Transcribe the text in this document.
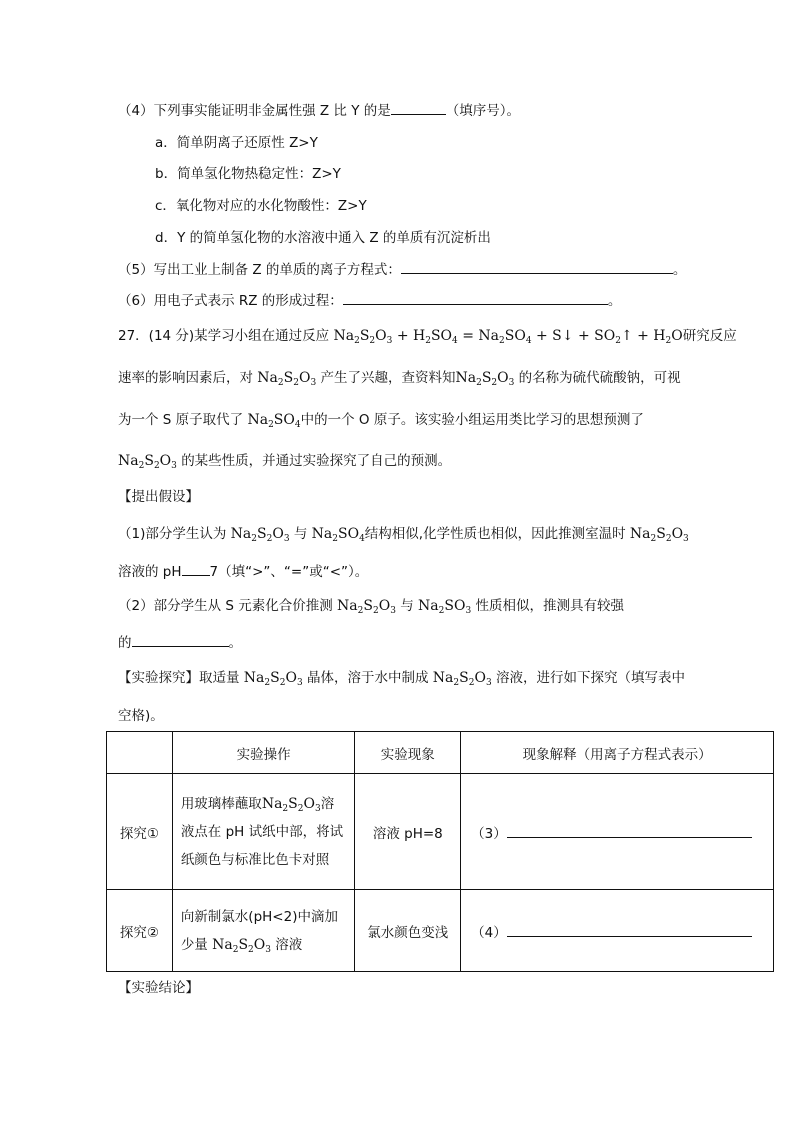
（4）下列事实能证明非金属性强 Z 比 Y 的是	（填序号）。
a．简单阴离子还原性 Z>Y
b．简单氢化物热稳定性：Z>Y
c．氧化物对应的水化物酸性：Z>Y
d．Y 的简单氢化物的水溶液中通入 Z 的单质有沉淀析出
（5）写出工业上制备 Z 的单质的离子方程式：	。
（6）用电子式表示 RZ 的形成过程：	。
27．(14 分)某学习小组在通过反应 $Na_2S_2O_3 + H_2SO_4 = Na_2SO_4$ + S↓ + $SO_2↑ + H_2O$研究反应
速率的影响因素后，对 $Na_2S_2O_3$ 产生了兴趣，查资料知$Na_2S_2O_3$ 的名称为硫代硫酸钠，可视
为一个 S 原子取代了 $Na_2SO_4$中的一个 O 原子。该实验小组运用类比学习的思想预测了
$Na_2S_2O_3$ 的某些性质，并通过实验探究了自己的预测。
【提出假设】
（1)部分学生认为 $Na_2S_2O_3$ 与 $Na_2SO_4$结构相似,化学性质也相似，因此推测室温时 $Na_2S_2O_3$
溶液的 pH 7（填“>”、“=”或“<”）。
（2）部分学生从 S 元素化合价推测 $Na_2S_2O_3$ 与 $Na_2SO_3$ 性质相似，推测具有较强
的	。
【实验探究】取适量 $Na_2S_2O_3$ 晶体，溶于水中制成 $Na_2S_2O_3$ 溶液，进行如下探究（填写表中
空格)。
	实验操作	实验现象	现象解释（用离子方程式表示）
探究①	用玻璃棒蘸取$Na_2S_2O_3$溶
液点在 pH 试纸中部，将试
纸颜色与标准比色卡对照	溶液 pH=8	（3）
探究②	向新制氯水(pH<2)中滴加
少量 $Na_2S_2O_3$ 溶液	氯水颜色变浅	（4）
【实验结论】
